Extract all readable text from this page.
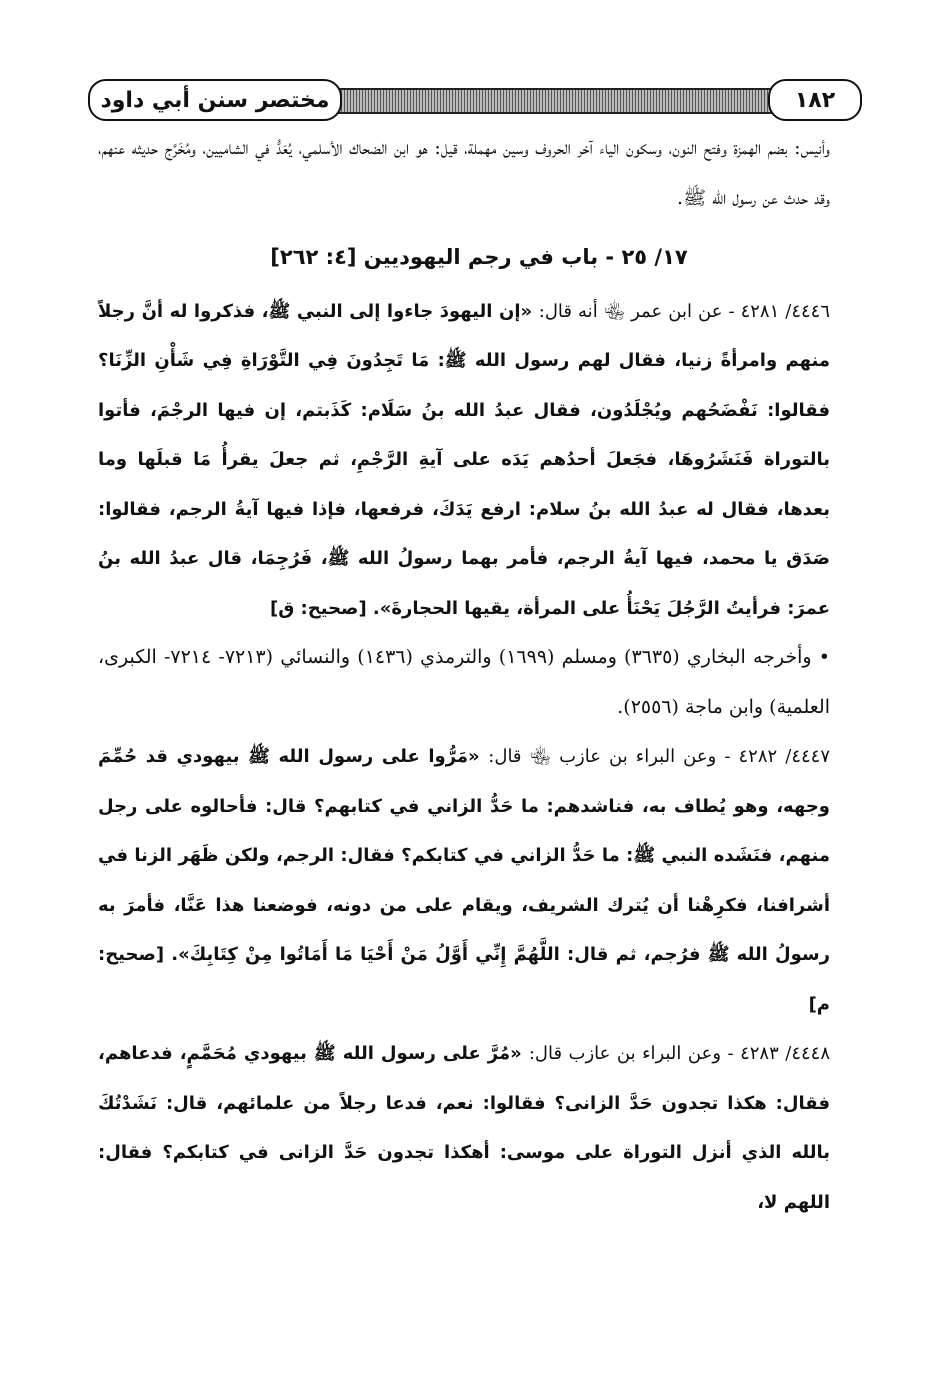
مختصر سنن أبي داود	١٨٢

وأنيس: بضم الهمزة وفتح النون، وسكون الياء آخر الحروف وسين مهملة، قيل: هو ابن الضحاك الأسلمي، يُعَدُّ في الشاميين، ومُخَرَّج حديثه عنهم، وقد حدث عن رسول الله ﷺ.

١٧/ ٢٥ - باب في رجم اليهوديين [٤: ٢٦٢]

٤٤٤٦/ ٤٢٨١ - عن ابن عمر ﵄ أنه قال: «إن اليهودَ جاءوا إلى النبي ﷺ، فذكروا له أنَّ رجلاً منهم وامرأةً زنيا، فقال لهم رسول الله ﷺ: مَا تَجِدُونَ فِي التَّوْرَاةِ فِي شَأْنِ الزِّنَا؟ فقالوا: نَفْضَحُهم ويُجْلَدُون، فقال عبدُ الله بنُ سَلَام: كَذَبتم، إن فيها الرجْمَ، فأتوا بالتوراة فَنَشَرُوهَا، فجَعلَ أحدُهم يَدَه على آيةِ الرَّجْمِ، ثم جعلَ يقرأُ مَا قبلَها وما بعدها، فقال له عبدُ الله بنُ سلام: ارفع يَدَكَ، فرفعها، فإذا فيها آيةُ الرجم، فقالوا: صَدَق يا محمد، فيها آيةُ الرجم، فأمر بهما رسولُ الله ﷺ، فَرُجِمَا، قال عبدُ الله بنُ عمرَ: فرأيتُ الرَّجُلَ يَحْنَأُ على المرأة، يقيها الحجارةَ». [صحيح: ق]

• وأخرجه البخاري (٣٦٣٥) ومسلم (١٦٩٩) والترمذي (١٤٣٦) والنسائي (٧٢١٣- ٧٢١٤- الكبرى، العلمية) وابن ماجة (٢٥٥٦).

٤٤٤٧/ ٤٢٨٢ - وعن البراء بن عازب ﵄ قال: «مَرُّوا على رسول الله ﷺ بيهودي قد حُمِّمَ وجهه، وهو يُطاف به، فناشدهم: ما حَدُّ الزاني في كتابهم؟ قال: فأحالوه على رجل منهم، فنَشَده النبي ﷺ: ما حَدُّ الزاني في كتابكم؟ فقال: الرجم، ولكن ظَهَر الزنا في أشرافنا، فكرِهْنا أن يُترك الشريف، ويقام على من دونه، فوضعنا هذا عَنَّا، فأمرَ به رسولُ الله ﷺ فرُجم، ثم قال: اللَّهُمَّ إِنِّي أَوَّلُ مَنْ أَحْيَا مَا أَمَاتُوا مِنْ كِتَابِكَ». [صحيح: م]

٤٤٤٨/ ٤٢٨٣ - وعن البراء بن عازب قال: «مُرَّ على رسول الله ﷺ بيهودي مُحَمَّمٍ، فدعاهم، فقال: هكذا تجدون حَدَّ الزانى؟ فقالوا: نعم، فدعا رجلاً من علمائهم، قال: نَشَدْتُكَ بالله الذي أنزل التوراة على موسى: أهكذا تجدون حَدَّ الزانى في كتابكم؟ فقال: اللهم لا،
